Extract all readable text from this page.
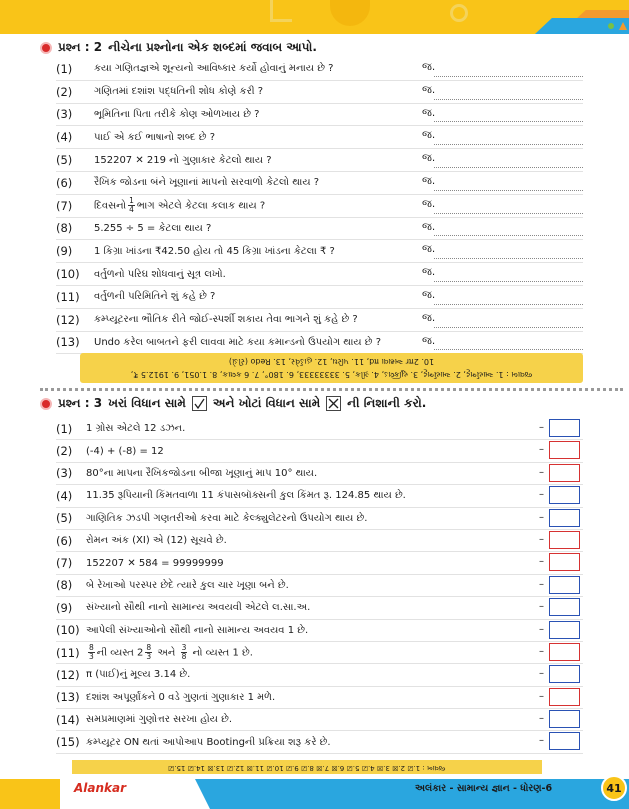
પ્રશ્ન : 2 નીચેના પ્રશ્નોના એક શબ્દમાં જવાબ આપો.
(1)	કયા ગણિતજ્ઞએ શૂન્યનો આવિષ્કાર કર્યો હોવાનું મનાય છે ?	જ.
(2)	ગણિતમાં દશાંશ પદ્ધતિની શોધ કોણે કરી ?	જ.
(3)	ભૂમિતિના પિતા તરીકે કોણ ઓળખાય છે ?	જ.
(4)	પાઈ એ કઈ ભાષાનો શબ્દ છે ?	જ.
(5)	152207 ✕ 219 નો ગુણાકાર કેટલો થાય ?	જ.
(6)	રૈખિક જોડના બંને ખૂણાનાં માપનો સરવાળો કેટલો થાય ?	જ.
(7)	દિવસનો $\frac{1}{4}$ ભાગ એટલે કેટલા કલાક થાય ?	જ.
(8)	5.255 ÷ 5 = કેટલા થાય ?	જ.
(9)	1 કિગ્રા ખાંડના ₹42.50 હોય તો 45 કિગ્રા ખાંડના કેટલા ₹ ?	જ.
(10)	વર્તુળનો પરિઘ શોધવાનું સૂત્ર લખો.	જ.
(11)	વર્તુળની પરિમિતિને શું કહે છે ?	જ.
(12)	કમ્પ્યૂટરના ભૌતિક રીતે જોઈ-સ્પર્શી શકાય તેવા ભાગને શું કહે છે ?	જ.
(13)	Undo કરેલ બાબતને ફરી લાવવા માટે કયા કમાન્ડનો ઉપયોગ થાય છે ?	જ.
10. 2πr અથવા πd, 11. પરિઘ, 12. હાર્ડવેર, 13. Redo (રીડો)
જવાબ : 1. આર્યભટ્ટ, 2. આર્યભટ્ટ, 3. યુક્લિડ, 4. ગ્રીક, 5. 33333333, 6. 180°, 7. 6 કલાક, 8. 1.051, 9. 1912.5 ₹,
પ્રશ્ન : 3 ખરાં વિધાન સામે અને ખોટાં વિધાન સામે ની નિશાની કરો.
(1)	1 ગ્રોસ એટલે 12 ડઝન.	–
(2)	(-4) + (-8) = 12	–
(3)	80°ના માપના રૈખિકજોડના બીજા ખૂણાનું માપ 10° થાય.	–
(4)	11.35 રૂપિયાની કિંમતવાળા 11 કંપાસબૉક્સની કુલ કિંમત રૂ. 124.85 થાય છે.	–
(5)	ગાણિતિક ઝડપી ગણતરીઓ કરવા માટે કેલ્ક્યુલેટરનો ઉપયોગ થાય છે.	–
(6)	રોમન અંક (XI) એ (12) સૂચવે છે.	–
(7)	152207 ✕ 584 = 99999999	–
(8)	બે રેખાઓ પરસ્પર છેદે ત્યારે કુલ ચાર ખૂણા બને છે.	–
(9)	સંખ્યાનો સૌથી નાનો સામાન્ય અવયવી એટલે લ.સા.અ.	–
(10) આપેલી સંખ્યાઓનો સૌથી નાનો સામાન્ય અવયવ 1 છે.	–
(11)	$\frac{8}{3}$ ની વ્યસ્ત $2 \frac{8}{3}$ અને $\frac{3}{8}$ નો વ્યસ્ત 1 છે.	–
(12) π (પાઈ)નું મૂલ્ય 3.14 છે.	–
(13) દશાંશ અપૂર્ણાંકને 0 વડે ગુણતાં ગુણાકાર 1 મળે.	–
(14) સમપ્રમાણમાં ગુણોત્તર સરખા હોય છે.	–
(15) કમ્પ્યૂટર ON થતાં આપોઆપ Bootingની પ્રક્રિયા શરૂ કરે છે.	–
જવાબ : 1.☑ 2.☒ 3.☒ 4.☑ 5.☑ 6.☒ 7.☒ 8.☑ 9.☑ 10.☑ 11.☒ 12.☑ 13.☒ 14.☑ 15.☑
Alankar	અલંકાર - સામાન્ય જ્ઞાન - ધોરણ-6	41
